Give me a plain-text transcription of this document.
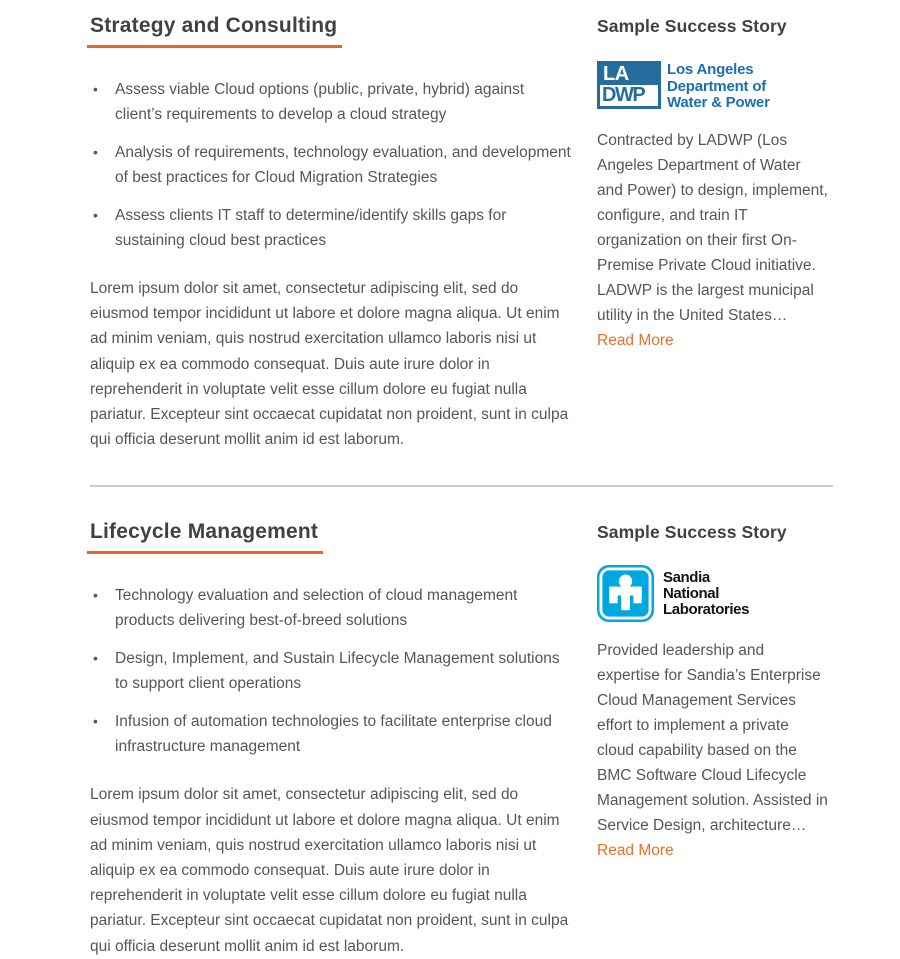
Strategy and Consulting
• Assess viable Cloud options (public, private, hybrid) against client’s requirements to develop a cloud strategy
• Analysis of requirements, technology evaluation, and development of best practices for Cloud Migration Strategies
• Assess clients IT staff to determine/identify skills gaps for sustaining cloud best practices

Lorem ipsum dolor sit amet, consectetur adipiscing elit, sed do eiusmod tempor incididunt ut labore et dolore magna aliqua. Ut enim ad minim veniam, quis nostrud exercitation ullamco laboris nisi ut aliquip ex ea commodo consequat. Duis aute irure dolor in reprehenderit in voluptate velit esse cillum dolore eu fugiat nulla pariatur. Excepteur sint occaecat cupidatat non proident, sunt in culpa qui officia deserunt mollit anim id est laborum.

Sample Success Story
LA
DWP
Los Angeles
Department of
Water & Power

Contracted by LADWP (Los Angeles Department of Water and Power) to design, implement, configure, and train IT organization on their first On-Premise Private Cloud initiative. LADWP is the largest municipal utility in the United States…

Read More
Lifecycle Management
• Technology evaluation and selection of cloud management products delivering best-of-breed solutions
• Design, Implement, and Sustain Lifecycle Management solutions to support client operations
• Infusion of automation technologies to facilitate enterprise cloud infrastructure management

Lorem ipsum dolor sit amet, consectetur adipiscing elit, sed do eiusmod tempor incididunt ut labore et dolore magna aliqua. Ut enim ad minim veniam, quis nostrud exercitation ullamco laboris nisi ut aliquip ex ea commodo consequat. Duis aute irure dolor in reprehenderit in voluptate velit esse cillum dolore eu fugiat nulla pariatur. Excepteur sint occaecat cupidatat non proident, sunt in culpa qui officia deserunt mollit anim id est laborum.

Sample Success Story
Sandia
National
Laboratories

Provided leadership and expertise for Sandia’s Enterprise Cloud Management Services effort to implement a private cloud capability based on the BMC Software Cloud Lifecycle Management solution. Assisted in Service Design, architecture…

Read More
